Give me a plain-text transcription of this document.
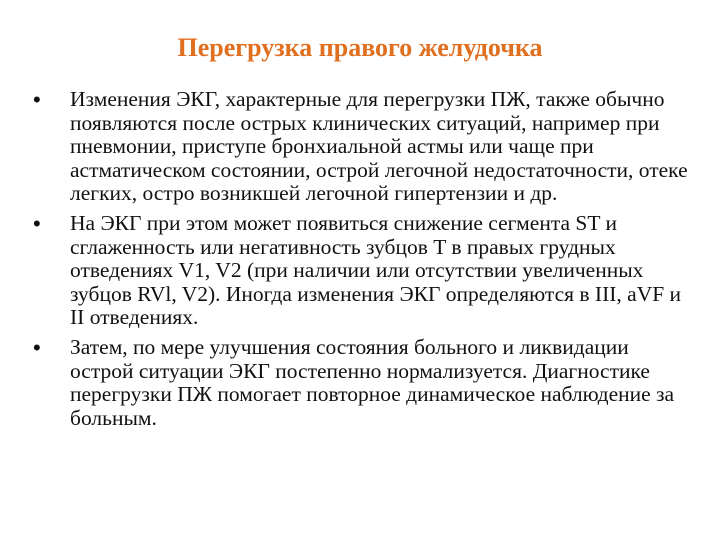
Перегрузка правого желудочка
•	Изменения ЭКГ, характерные для перегрузки ПЖ, также обычно появляются после острых клинических ситуаций, например при пневмонии, приступе бронхиальной астмы или чаще при астматическом состоянии, острой легочной недостаточности, отеке легких, остро возникшей легочной гипертензии и др.
•	На ЭКГ при этом может появиться снижение сегмента ST и сглаженность или негативность зубцов T в правых грудных отведениях V1, V2 (при наличии или отсутствии увеличенных зубцов RVl, V2). Иногда изменения ЭКГ определяются в III, aVF и II отведениях.
•	Затем, по мере улучшения состояния больного и ликвидации острой ситуации ЭКГ постепенно нормализуется. Диагностике перегрузки ПЖ помогает повторное динамическое наблюдение за больным.
